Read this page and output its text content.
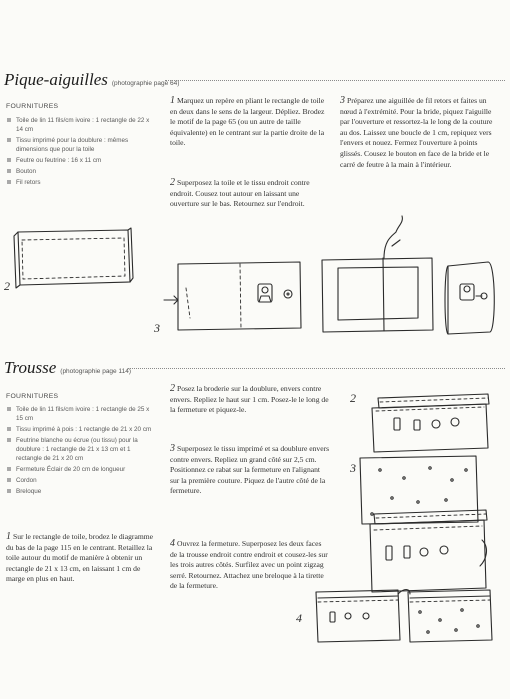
Pique-aiguilles (photographie page 64)
FOURNITURES
Toile de lin 11 fils/cm ivoire : 1 rectangle de 22 x 14 cm
Tissu imprimé pour la doublure : mêmes dimensions que pour la toile
Feutre ou feutrine : 16 x 11 cm
Bouton
Fil retors
1 Marquez un repère en pliant le rectangle de toile en deux dans le sens de la largeur. Dépliez. Brodez le motif de la page 65 (ou un autre de taille équivalente) en le centrant sur la partie droite de la toile.
2 Superposez la toile et le tissu endroit contre endroit. Cousez tout autour en laissant une ouverture sur le bas. Retournez sur l'endroit.
3 Préparez une aiguillée de fil retors et faites un nœud à l'extrémité. Pour la bride, piquez l'aiguille par l'ouverture et ressortez-la le long de la couture au dos. Laissez une boucle de 1 cm, repiquez vers l'envers et nouez. Fermez l'ouverture à points glissés. Cousez le bouton en face de la bride et le carré de feutre à la main à l'intérieur.
2
3
Trousse (photographie page 114)
FOURNITURES
Toile de lin 11 fils/cm ivoire : 1 rectangle de 25 x 15 cm
Tissu imprimé à pois : 1 rectangle de 21 x 20 cm
Feutrine blanche ou écrue (ou tissu) pour la doublure : 1 rectangle de 21 x 13 cm et 1 rectangle de 21 x 20 cm
Fermeture Éclair de 20 cm de longueur
Cordon
Breloque
1 Sur le rectangle de toile, brodez le diagramme du bas de la page 115 en le centrant. Retaillez la toile autour du motif de manière à obtenir un rectangle de 21 x 13 cm, en laissant 1 cm de marge en plus en haut.
2 Posez la broderie sur la doublure, envers contre envers. Repliez le haut sur 1 cm. Posez-le le long de la fermeture et piquez-le.
3 Superposez le tissu imprimé et sa doublure envers contre envers. Repliez un grand côté sur 2,5 cm. Positionnez ce rabat sur la fermeture en l'alignant sur la première couture. Piquez de l'autre côté de la fermeture.
4 Ouvrez la fermeture. Superposez les deux faces de la trousse endroit contre endroit et cousez-les sur les trois autres côtés. Surfilez avec un point zigzag serré. Retournez. Attachez une breloque à la tirette de la fermeture.
2
3
4
